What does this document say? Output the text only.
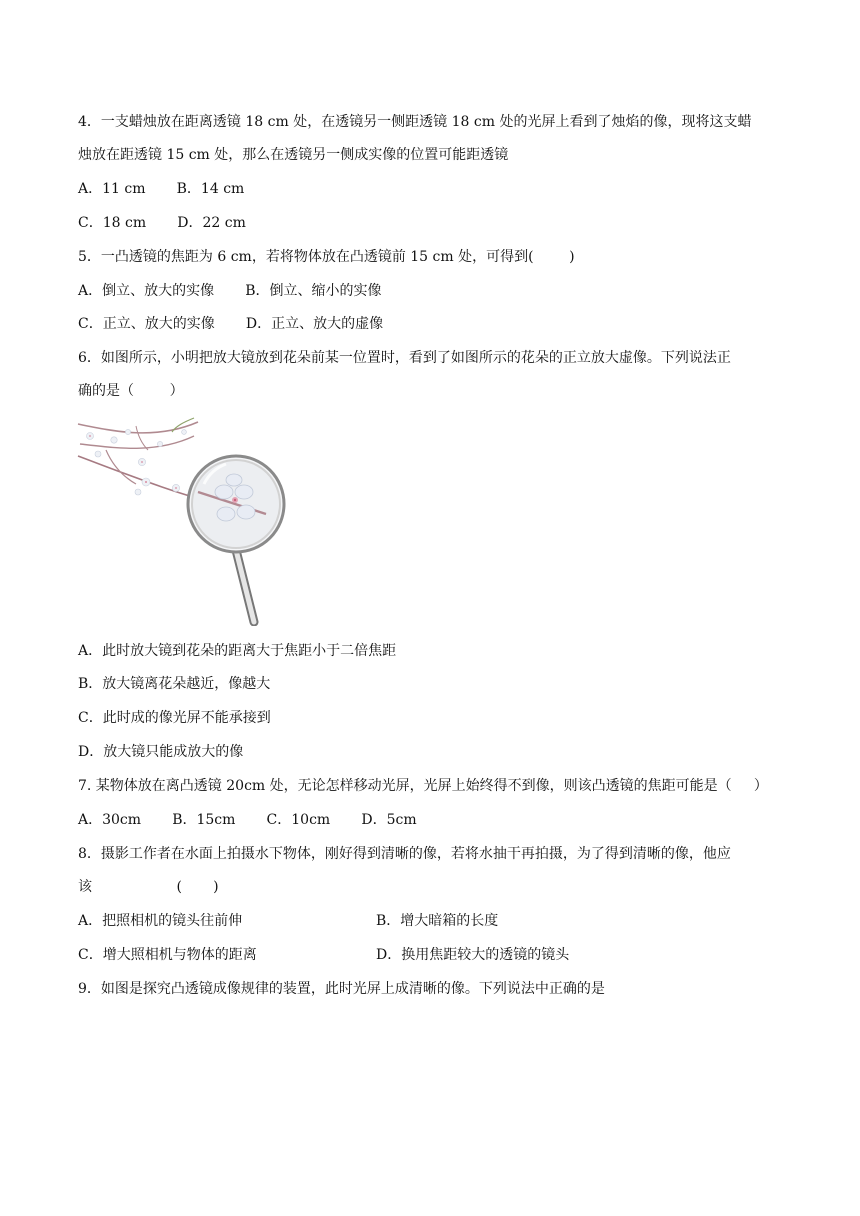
4．一支蜡烛放在距离透镜 18 cm 处，在透镜另一侧距透镜 18 cm 处的光屏上看到了烛焰的像，现将这支蜡
烛放在距透镜 15 cm 处，那么在透镜另一侧成实像的位置可能距透镜
A．11 cm       B．14 cm
C．18 cm       D．22 cm
5．一凸透镜的焦距为 6 cm，若将物体放在凸透镜前 15 cm 处，可得到(        )
A．倒立、放大的实像       B．倒立、缩小的实像
C．正立、放大的实像       D．正立、放大的虚像
6．如图所示，小明把放大镜放到花朵前某一位置时，看到了如图所示的花朵的正立放大虚像。下列说法正
确的是（        ）
A．此时放大镜到花朵的距离大于焦距小于二倍焦距
B．放大镜离花朵越近，像越大
C．此时成的像光屏不能承接到
D．放大镜只能成放大的像
7. 某物体放在离凸透镜 20cm 处，无论怎样移动光屏，光屏上始终得不到像，则该凸透镜的焦距可能是（     ）
A．30cm       B．15cm       C．10cm       D．5cm
8．摄影工作者在水面上拍摄水下物体，刚好得到清晰的像，若将水抽干再拍摄，为了得到清晰的像，他应
该                   (       )
A．把照相机的镜头往前伸	B．增大暗箱的长度
C．增大照相机与物体的距离	D．换用焦距较大的透镜的镜头
9．如图是探究凸透镜成像规律的装置，此时光屏上成清晰的像。下列说法中正确的是
